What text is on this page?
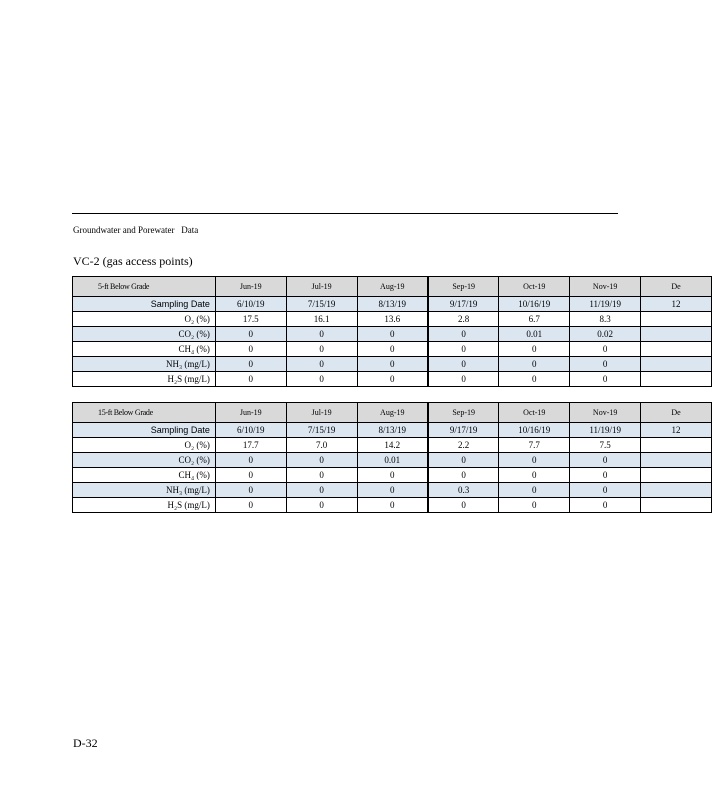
Groundwater and Porewater   Data
VC-2 (gas access points)
5-ft Below Grade	Jun-19	Jul-19	Aug-19	Sep-19	Oct-19	Nov-19	De
Sampling Date	6/10/19	7/15/19	8/13/19	9/17/19	10/16/19	11/19/19	12
O₂ (%)	17.5	16.1	13.6	2.8	6.7	8.3	
CO₂ (%)	0	0	0	0	0.01	0.02	
CH₄ (%)	0	0	0	0	0	0	
NH₃ (mg/L)	0	0	0	0	0	0	
H₂S (mg/L)	0	0	0	0	0	0	
15-ft Below Grade	Jun-19	Jul-19	Aug-19	Sep-19	Oct-19	Nov-19	De
Sampling Date	6/10/19	7/15/19	8/13/19	9/17/19	10/16/19	11/19/19	12
O₂ (%)	17.7	7.0	14.2	2.2	7.7	7.5	
CO₂ (%)	0	0	0.01	0	0	0	
CH₄ (%)	0	0	0	0	0	0	
NH₃ (mg/L)	0	0	0	0.3	0	0	
H₂S (mg/L)	0	0	0	0	0	0	
D-32
